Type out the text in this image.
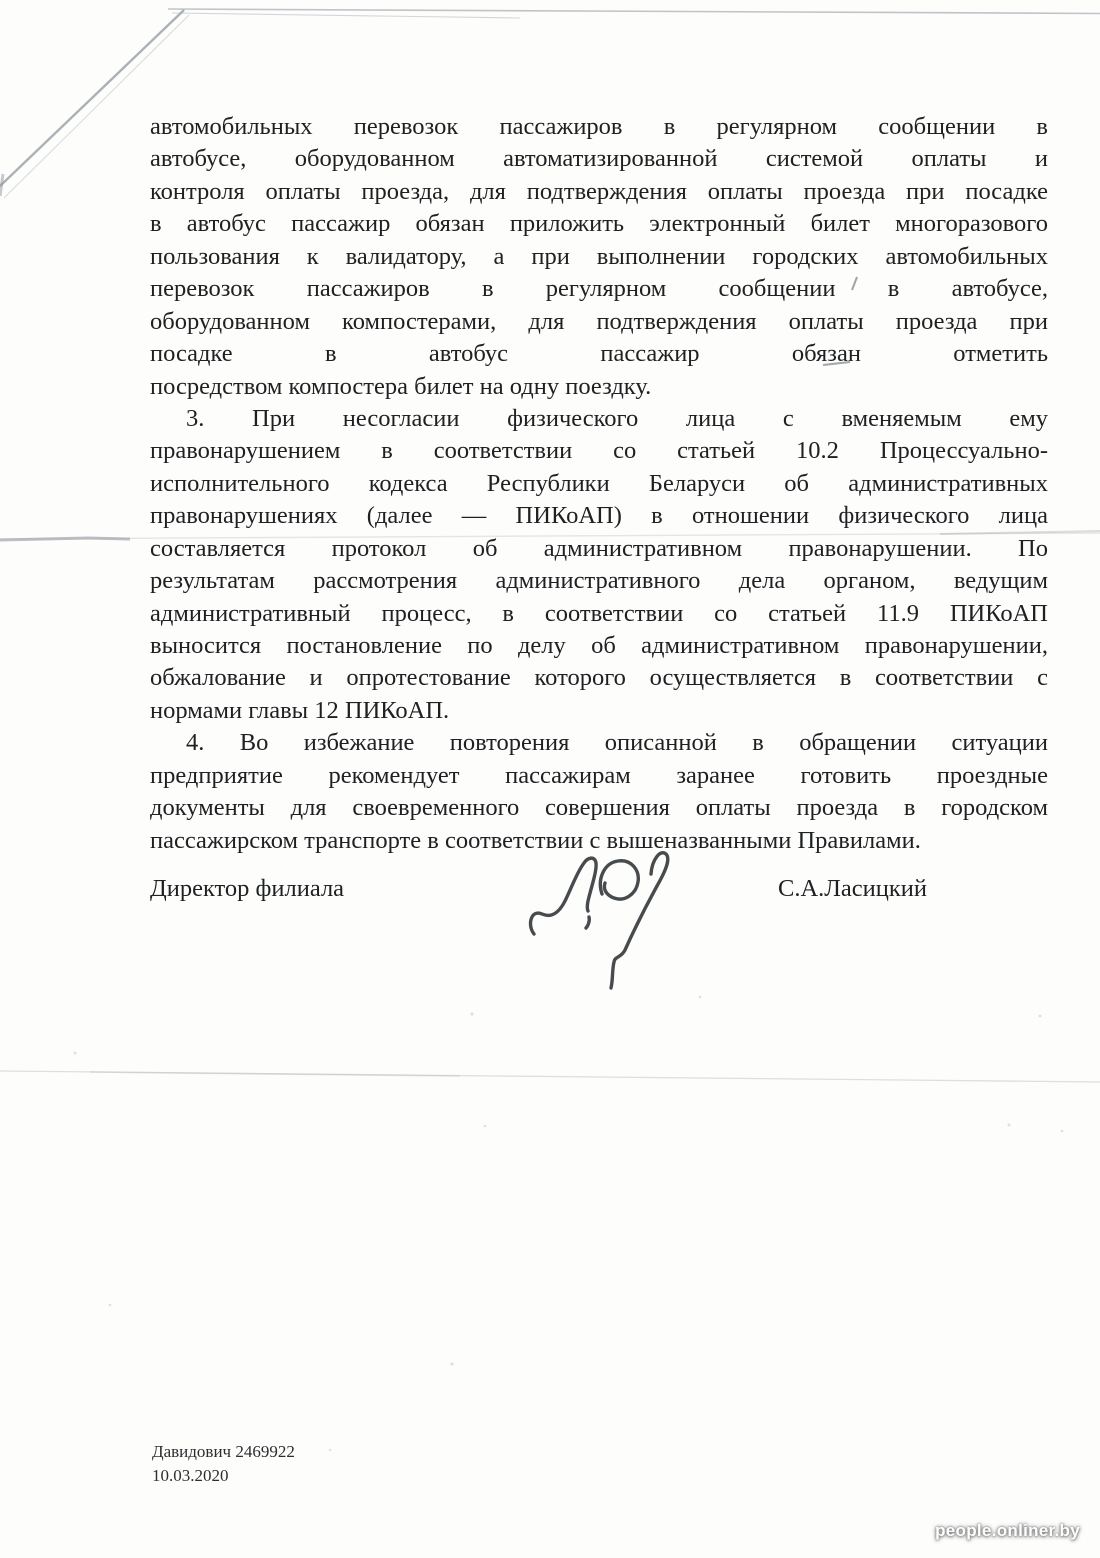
автомобильных перевозок пассажиров в регулярном сообщении в
автобусе, оборудованном автоматизированной системой оплаты и
контроля оплаты проезда, для подтверждения оплаты проезда при посадке
в автобус пассажир обязан приложить электронный билет многоразового
пользования к валидатору, а при выполнении городских автомобильных
перевозок пассажиров в регулярном сообщении в автобусе,
оборудованном компостерами, для подтверждения оплаты проезда при
посадке в автобус пассажир обязан отметить
посредством компостера билет на одну поездку.
3. При несогласии физического лица с вменяемым ему
правонарушением в соответствии со статьей 10.2 Процессуально-
исполнительного кодекса Республики Беларуси об административных
правонарушениях (далее — ПИКоАП) в отношении физического лица
составляется протокол об административном правонарушении. По
результатам рассмотрения административного дела органом, ведущим
административный процесс, в соответствии со статьей 11.9 ПИКоАП
выносится постановление по делу об административном правонарушении,
обжалование и опротестование которого осуществляется в соответствии с
нормами главы 12 ПИКоАП.
4. Во избежание повторения описанной в обращении ситуации
предприятие рекомендует пассажирам заранее готовить проездные
документы для своевременного совершения оплаты проезда в городском
пассажирском транспорте в соответствии с вышеназванными Правилами.
Директор филиала	С.А.Ласицкий
Давидович 2469922
10.03.2020
people.onliner.by
